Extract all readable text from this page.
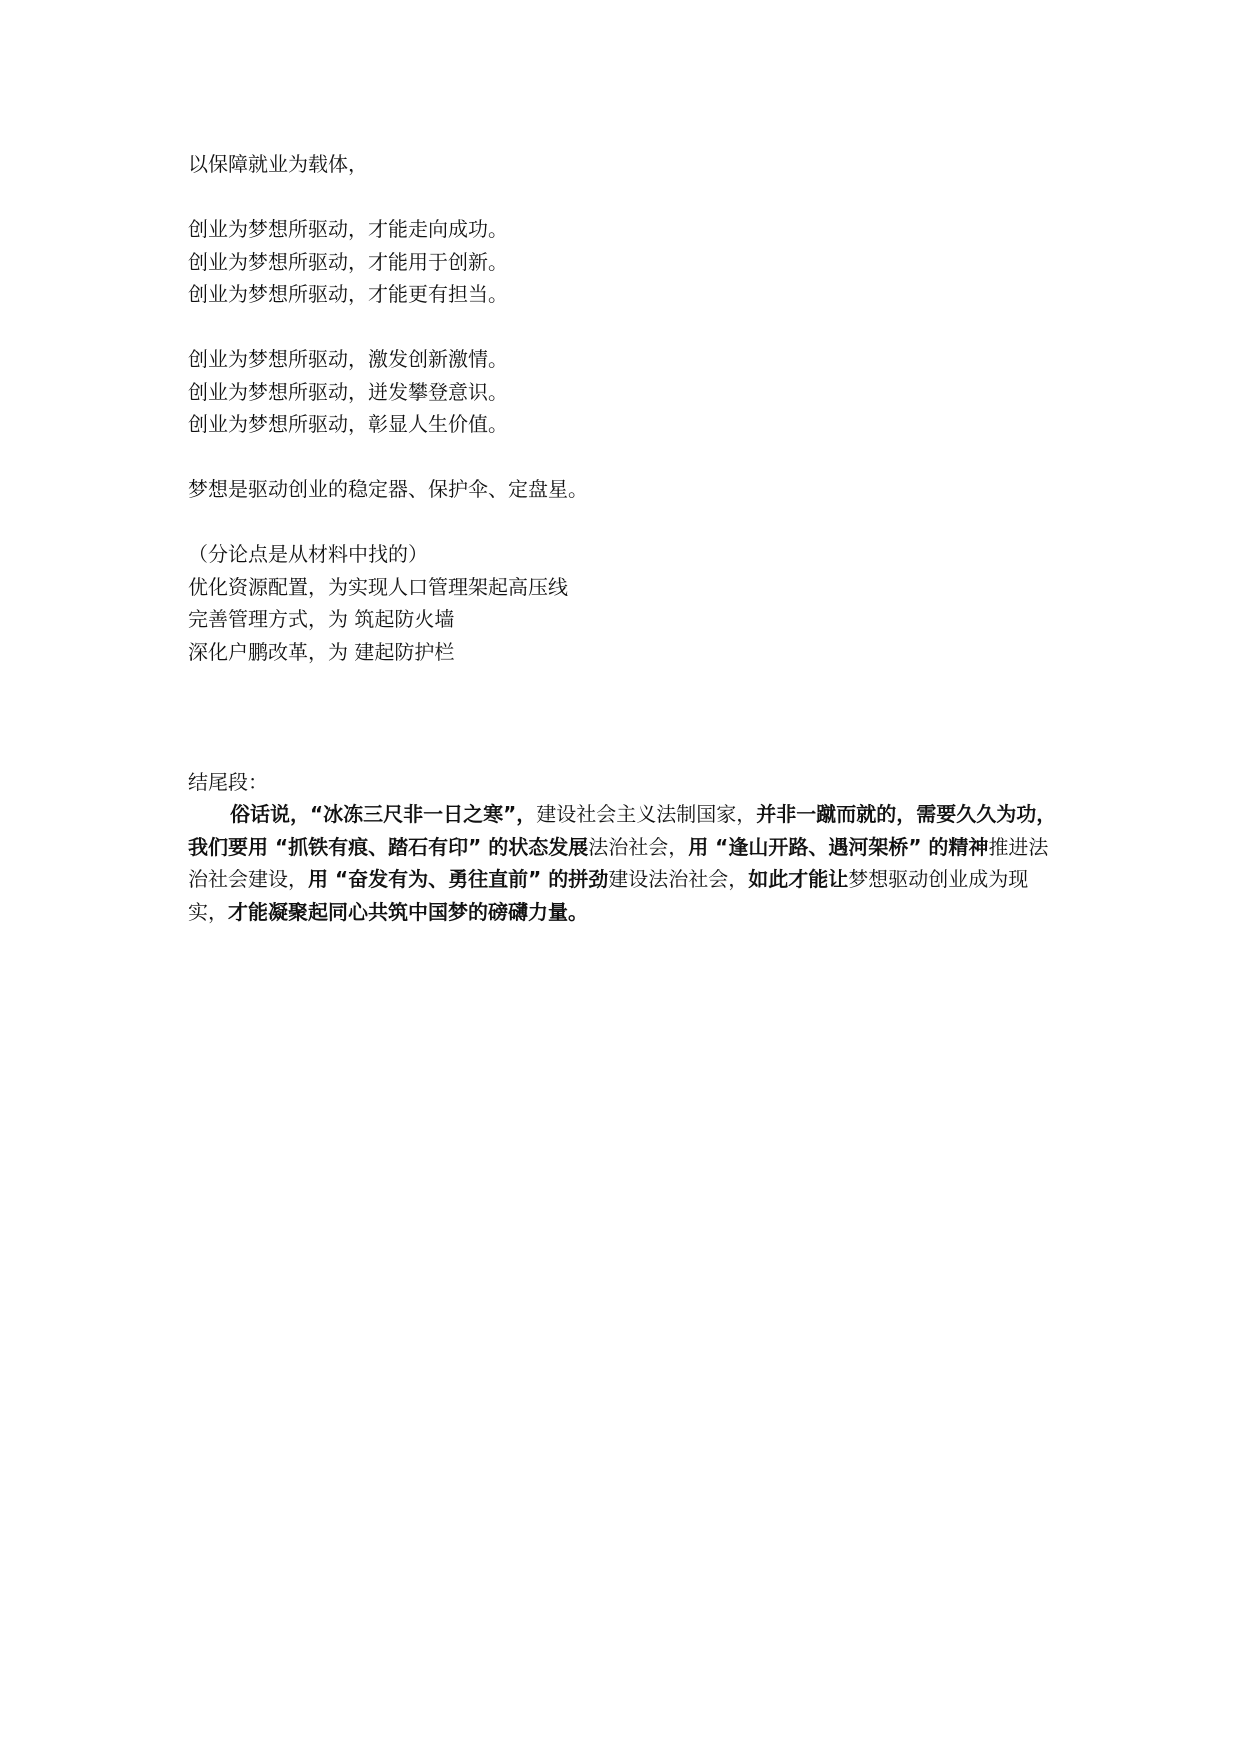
以保障就业为载体，
创业为梦想所驱动，才能走向成功。
创业为梦想所驱动，才能用于创新。
创业为梦想所驱动，才能更有担当。
创业为梦想所驱动，激发创新激情。
创业为梦想所驱动，迸发攀登意识。
创业为梦想所驱动，彰显人生价值。
梦想是驱动创业的稳定器、保护伞、定盘星。
（分论点是从材料中找的）
优化资源配置，为实现人口管理架起高压线
完善管理方式，为 筑起防火墙
深化户鹏改革，为 建起防护栏
结尾段：
俗话说，“冰冻三尺非一日之寒”，建设社会主义法制国家，并非一蹴而就的，需要久久为功，我们要用 “抓铁有痕、踏石有印” 的状态发展法治社会，用 “逢山开路、遇河架桥” 的精神推进法治社会建设，用 “奋发有为、勇往直前” 的拼劲建设法治社会，如此才能让梦想驱动创业成为现实，才能凝聚起同心共筑中国梦的磅礴力量。
